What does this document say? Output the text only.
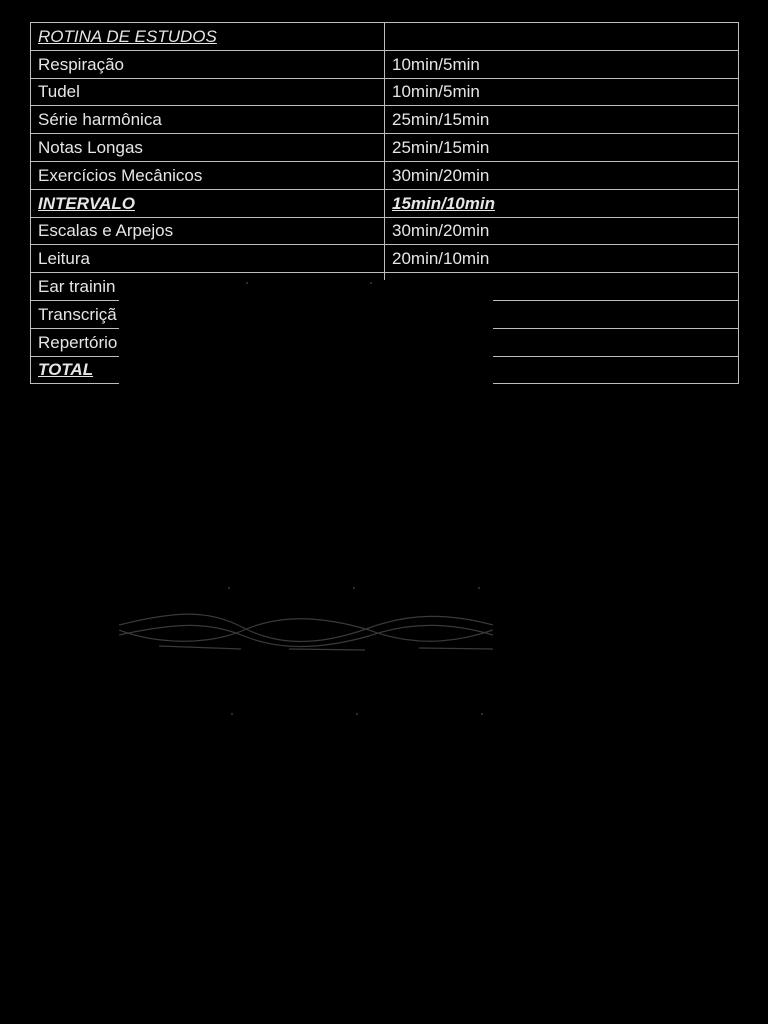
ROTINA DE ESTUDOS	
Respiração	10min/5min
Tudel	10min/5min
Série harmônica	25min/15min
Notas Longas	25min/15min
Exercícios Mecânicos	30min/20min
INTERVALO	15min/10min
Escalas e Arpejos	30min/20min
Leitura	20min/10min
Ear trainin	
Transcriçã	
Repertório	
TOTAL	
